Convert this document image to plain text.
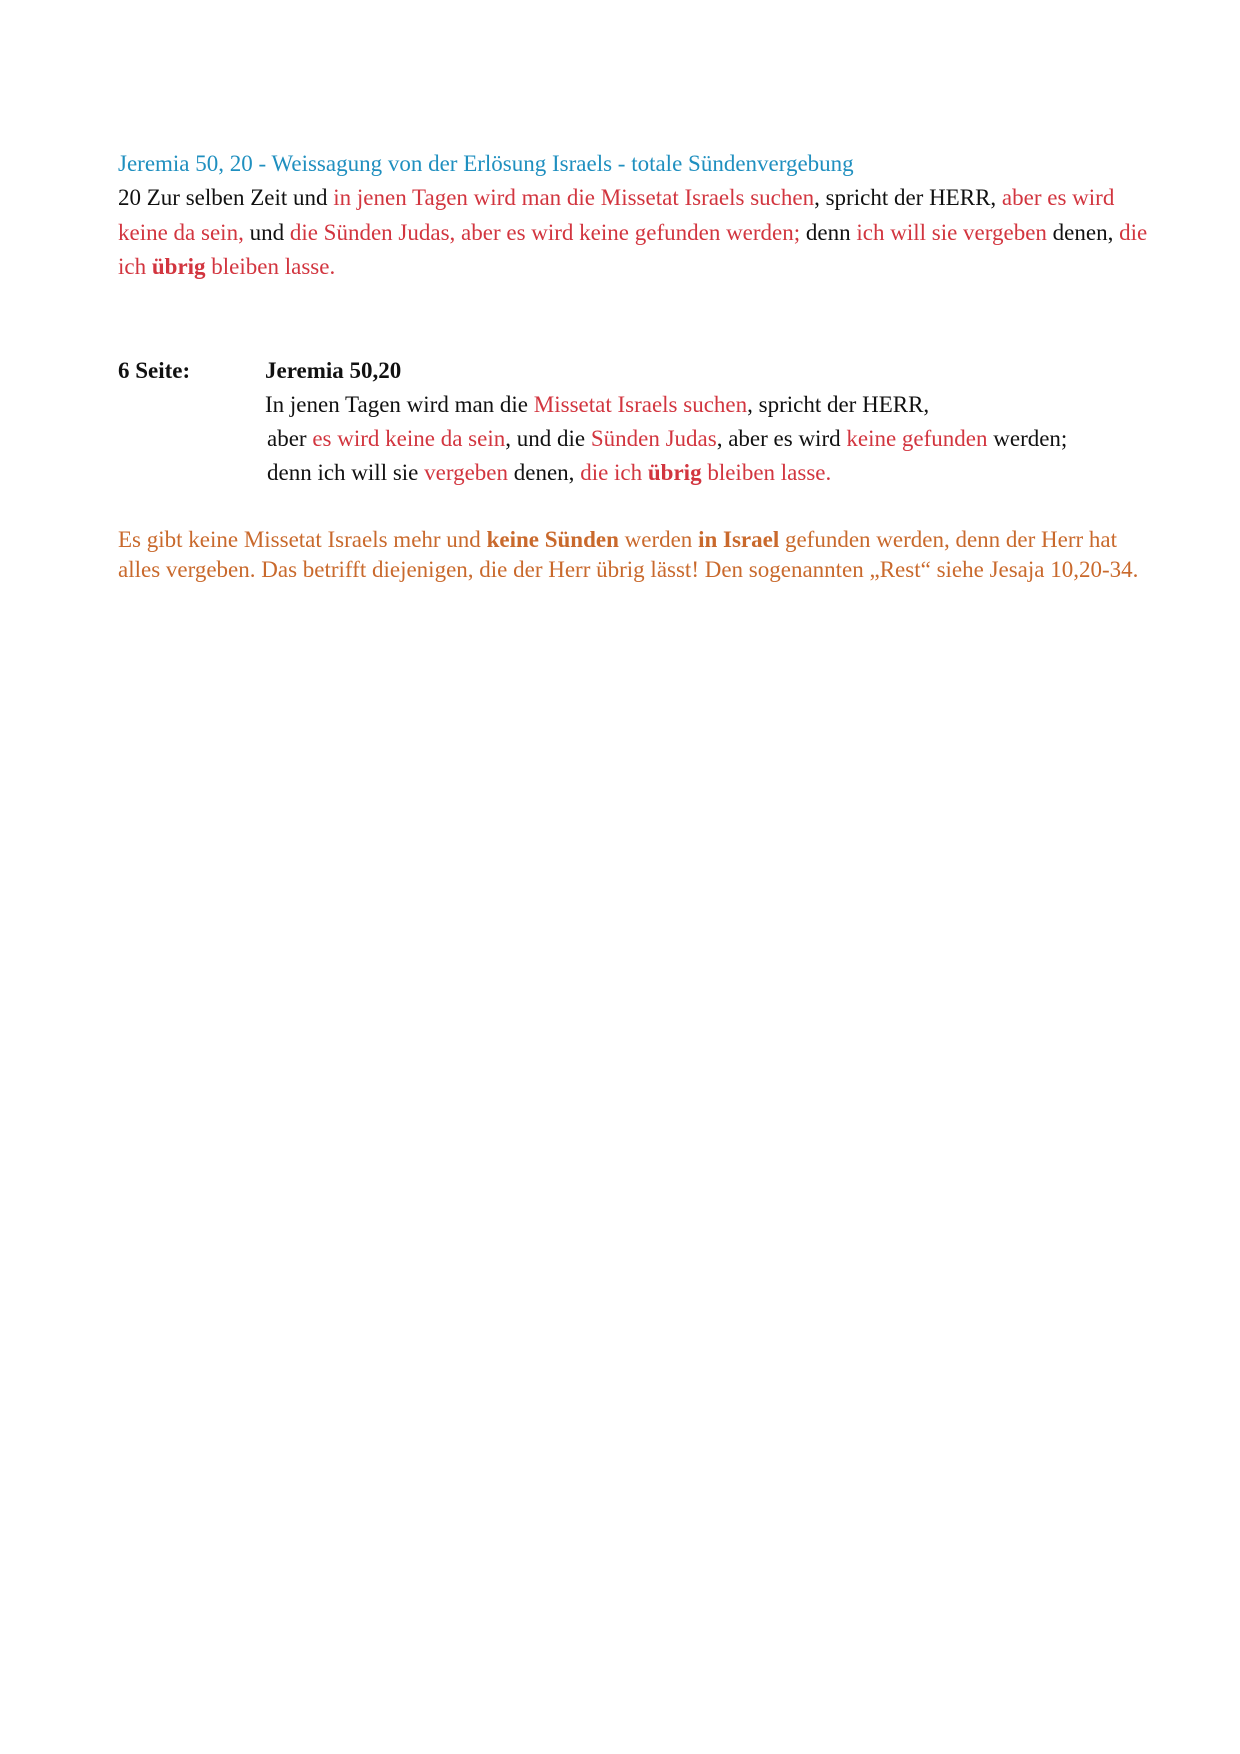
Jeremia 50, 20 - Weissagung von der Erlösung Israels - totale Sündenvergebung
20 Zur selben Zeit und in jenen Tagen wird man die Missetat Israels suchen, spricht der HERR, aber es wird keine da sein, und die Sünden Judas, aber es wird keine gefunden werden; denn ich will sie vergeben denen, die ich übrig bleiben lasse.
6 Seite:	Jeremia 50,20
In jenen Tagen wird man die Missetat Israels suchen, spricht der HERR,
aber es wird keine da sein, und die Sünden Judas, aber es wird keine gefunden werden;
denn ich will sie vergeben denen, die ich übrig bleiben lasse.
Es gibt keine Missetat Israels mehr und keine Sünden werden in Israel gefunden werden, denn der Herr hat alles vergeben. Das betrifft diejenigen, die der Herr übrig lässt! Den sogenannten „Rest“ siehe Jesaja 10,20-34.
